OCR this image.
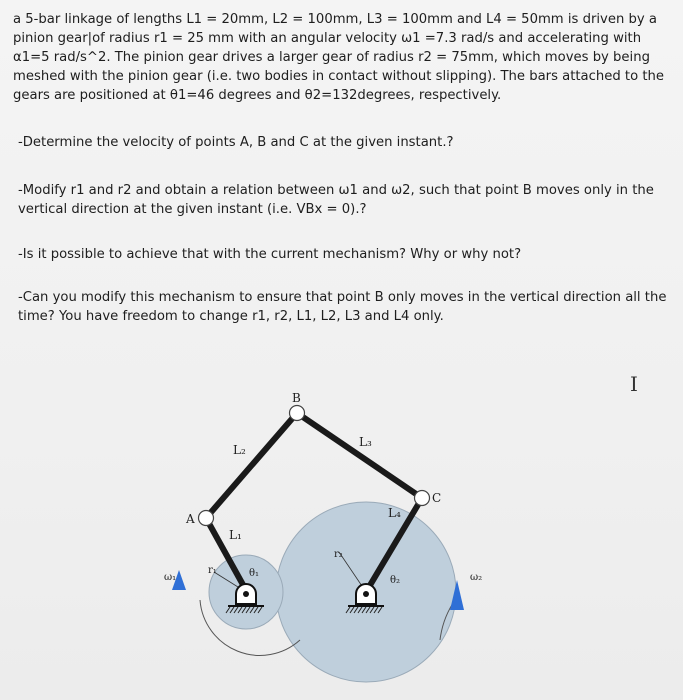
a 5-bar linkage of lengths L1 = 20mm, L2 = 100mm, L3 = 100mm and L4 = 50mm is driven by a pinion gear|of radius r1 = 25 mm with an angular velocity ω1 =7.3 rad/s and accelerating with α1=5 rad/s^2. The pinion gear drives a larger gear of radius r2 = 75mm, which moves by being meshed with the pinion gear (i.e. two bodies in contact without slipping). The bars attached to the gears are positioned at θ1=46 degrees and θ2=132degrees, respectively.

-Determine the velocity of points A, B and C at the given instant.?
-Modify r1 and r2 and obtain a relation between ω1 and ω2, such that point B moves only in the vertical direction at the given instant (i.e. VBx = 0).?
-Is it possible to achieve that with the current mechanism? Why or why not?
-Can you modify this mechanism to ensure that point B only moves in the vertical direction all the time? You have freedom to change r1, r2, L1, L2, L3 and L4 only.
I
B
A
C
L₁
L₂
L₃
L₄
r₁
r₂
θ₁
θ₂
ω₁	ω₂
